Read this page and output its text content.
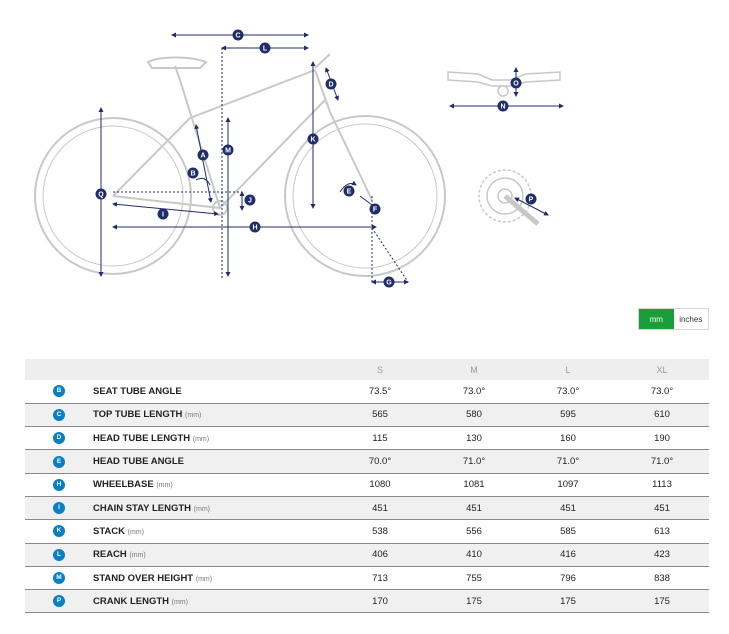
A
B
C
D
E
F
G
H
I
J
K
L
M
N
O
P
Q
mm	inches
		S	M	L	XL
B	SEAT TUBE ANGLE	73.5°	73.0°	73.0°	73.0°
C	TOP TUBE LENGTH (mm)	565	580	595	610
D	HEAD TUBE LENGTH (mm)	115	130	160	190
E	HEAD TUBE ANGLE	70.0°	71.0°	71.0°	71.0°
H	WHEELBASE (mm)	1080	1081	1097	1113
I	CHAIN STAY LENGTH (mm)	451	451	451	451
K	STACK (mm)	538	556	585	613
L	REACH (mm)	406	410	416	423
M	STAND OVER HEIGHT (mm)	713	755	796	838
P	CRANK LENGTH (mm)	170	175	175	175
